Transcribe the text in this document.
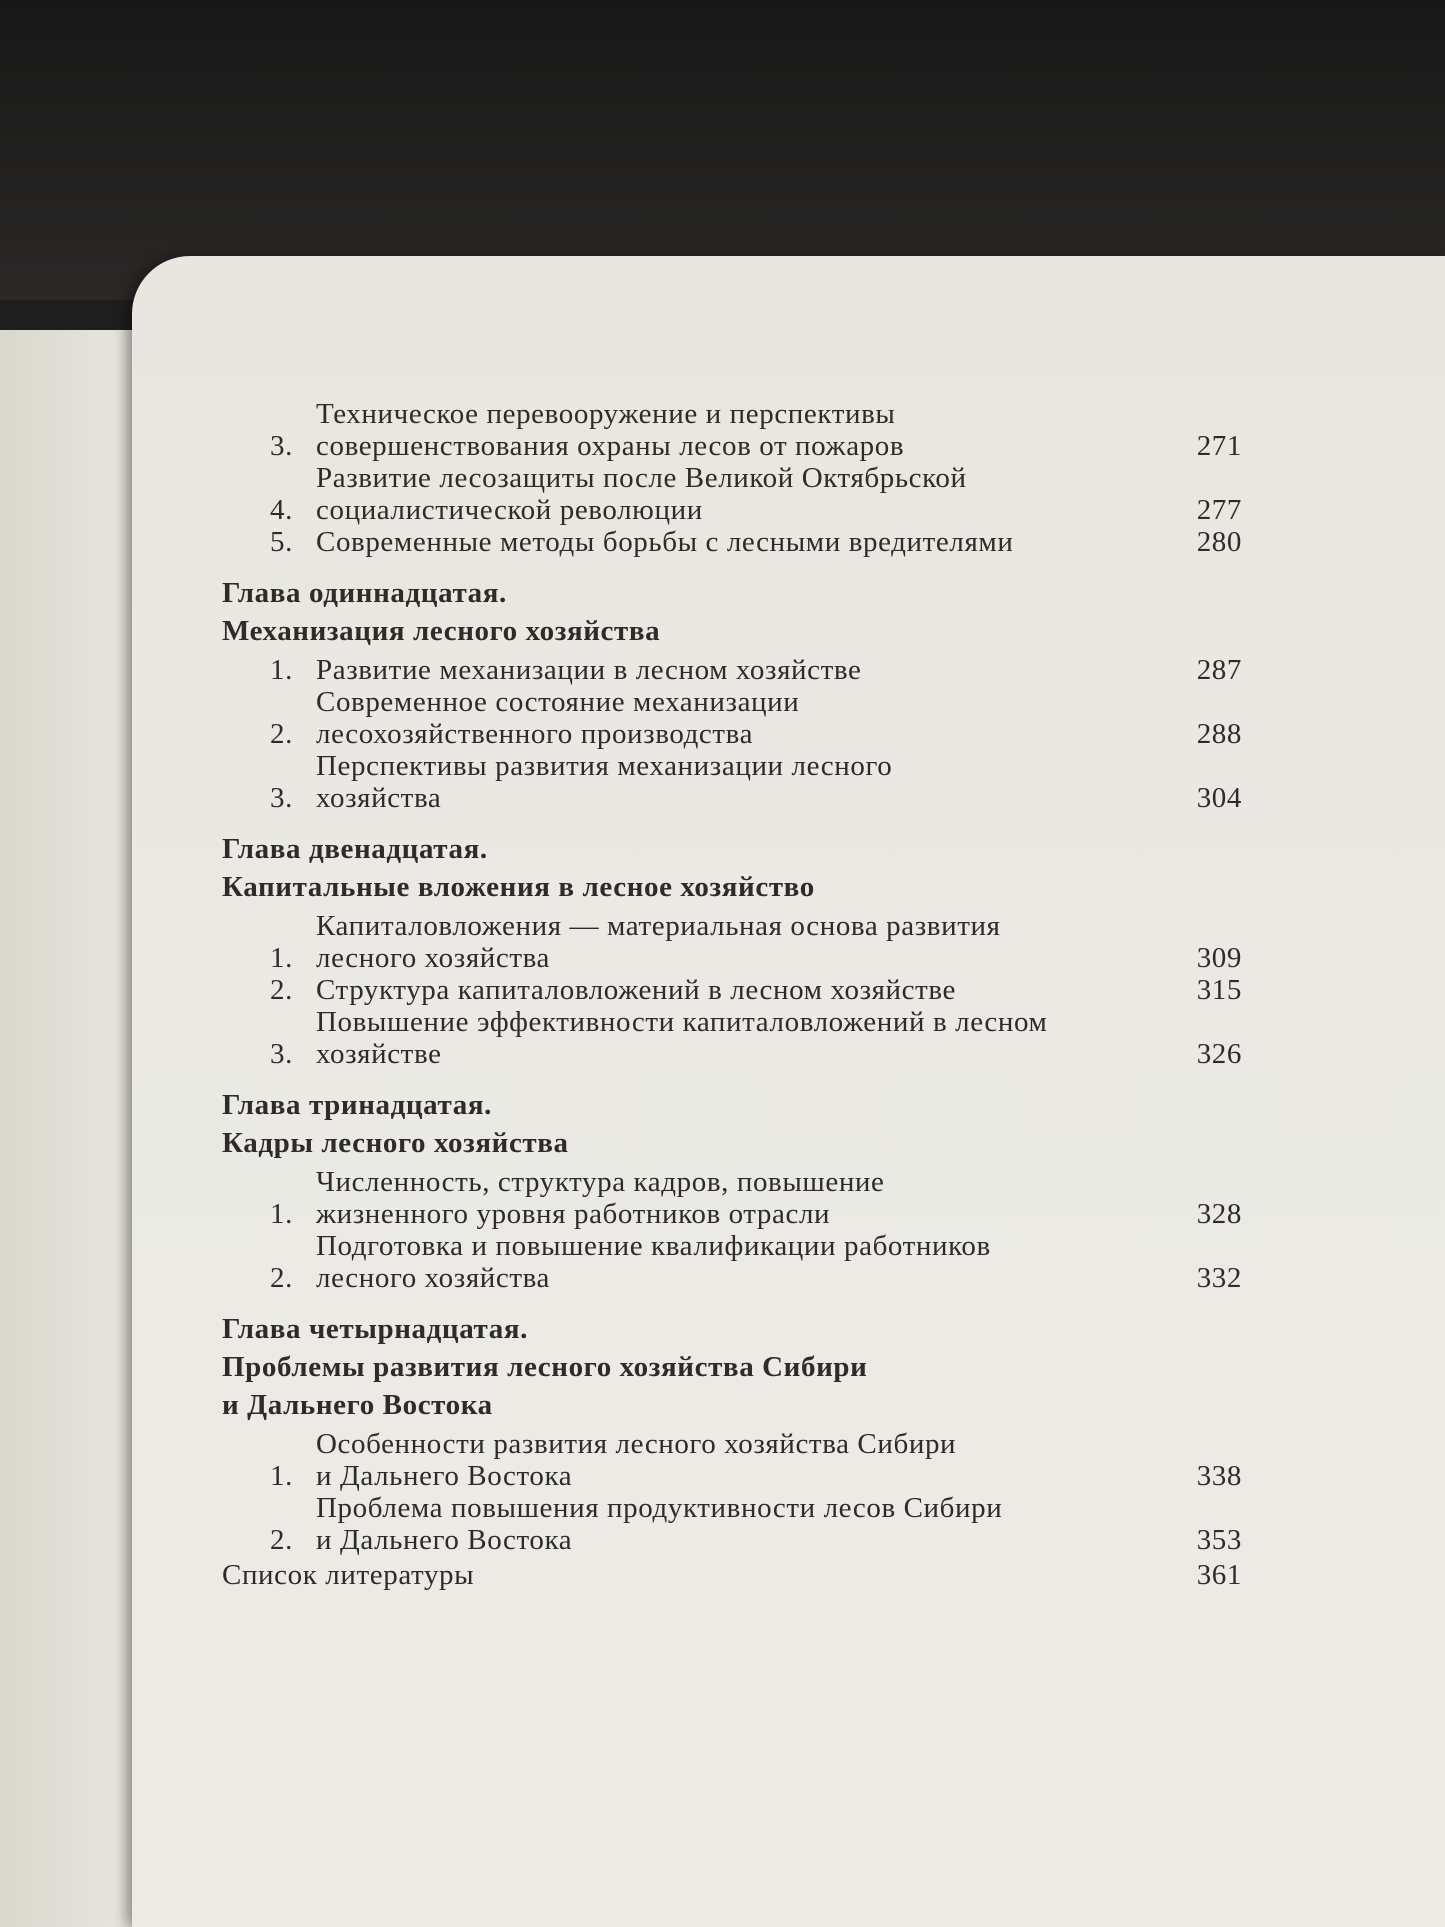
3.
Техническое перевооружение и перспективы
совершенствования охраны лесов от пожаров	271
4.
Развитие лесозащиты после Великой Октябрьской
социалистической революции	277
5. Современные методы борьбы с лесными вредителями	280
Глава одиннадцатая.
Механизация лесного хозяйства
1. Развитие механизации в лесном хозяйстве	287
2.
Современное состояние механизации
лесохозяйственного производства	288
3.
Перспективы развития механизации лесного
хозяйства	304
Глава двенадцатая.
Капитальные вложения в лесное хозяйство
1.
Капиталовложения — материальная основа развития
лесного хозяйства	309
2. Структура капиталовложений в лесном хозяйстве	315
3.
Повышение эффективности капиталовложений в лесном
хозяйстве	326
Глава тринадцатая.
Кадры лесного хозяйства
1.
Численность, структура кадров, повышение
жизненного уровня работников отрасли	328
2.
Подготовка и повышение квалификации работников
лесного хозяйства	332
Глава четырнадцатая.
Проблемы развития лесного хозяйства Сибири
и Дальнего Востока
1.
Особенности развития лесного хозяйства Сибири
и Дальнего Востока	338
2.
Проблема повышения продуктивности лесов Сибири
и Дальнего Востока	353
Список литературы	361
